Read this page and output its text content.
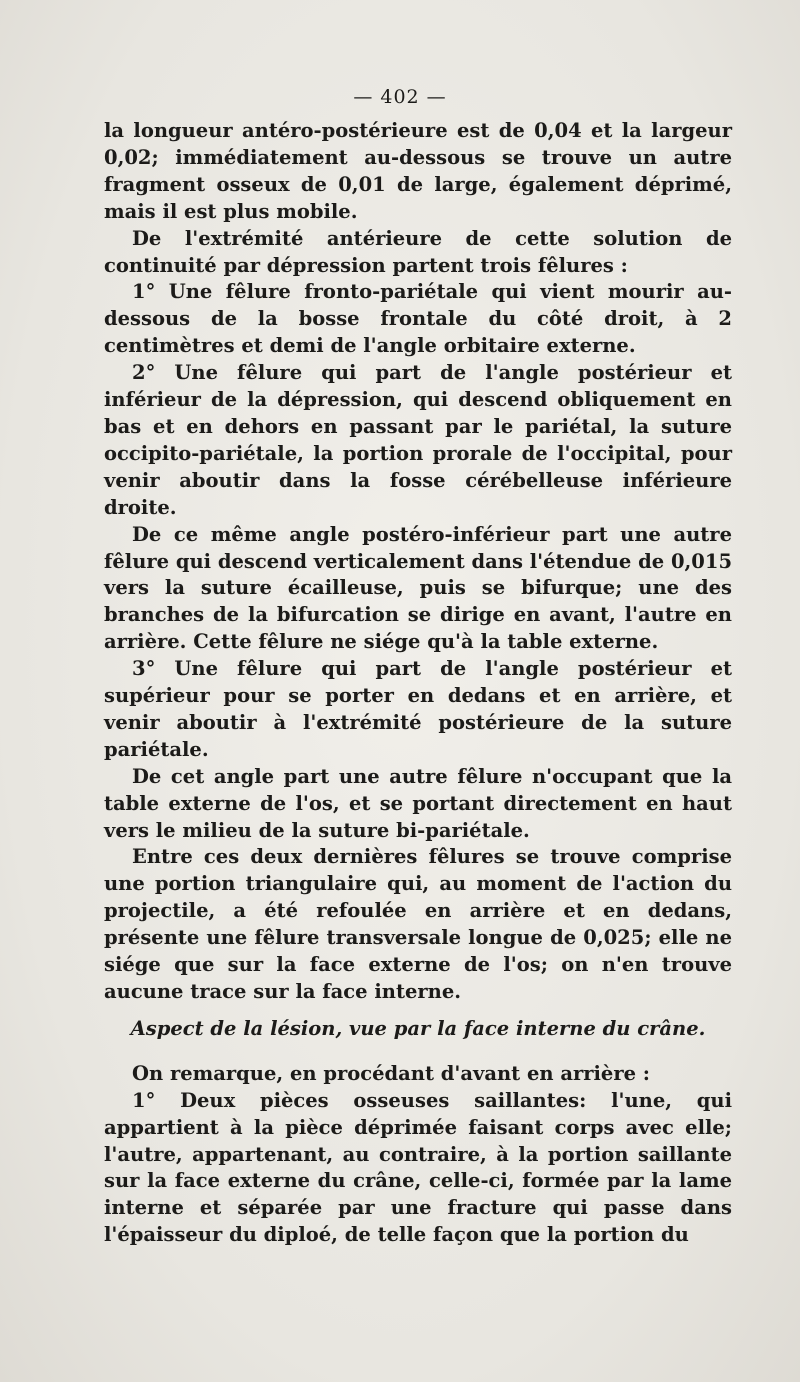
— 402 —

la longueur antéro-postérieure est de 0,04 et la largeur 0,02; immédiatement au-dessous se trouve un autre fragment osseux de 0,01 de large, également déprimé, mais il est plus mobile.

De l'extrémité antérieure de cette solution de continuité par dépression partent trois fêlures :

1° Une fêlure fronto-pariétale qui vient mourir au-dessous de la bosse frontale du côté droit, à 2 centimètres et demi de l'angle orbitaire externe.

2° Une fêlure qui part de l'angle postérieur et inférieur de la dépression, qui descend obliquement en bas et en dehors en passant par le pariétal, la suture occipito-pariétale, la portion prorale de l'occipital, pour venir aboutir dans la fosse cérébelleuse inférieure droite.

De ce même angle postéro-inférieur part une autre fêlure qui descend verticalement dans l'étendue de 0,015 vers la suture écailleuse, puis se bifurque; une des branches de la bifurcation se dirige en avant, l'autre en arrière. Cette fêlure ne siége qu'à la table externe.

3° Une fêlure qui part de l'angle postérieur et supérieur pour se porter en dedans et en arrière, et venir aboutir à l'extrémité postérieure de la suture pariétale.

De cet angle part une autre fêlure n'occupant que la table externe de l'os, et se portant directement en haut vers le milieu de la suture bi-pariétale.

Entre ces deux dernières fêlures se trouve comprise une portion triangulaire qui, au moment de l'action du projectile, a été refoulée en arrière et en dedans, présente une fêlure transversale longue de 0,025; elle ne siége que sur la face externe de l'os; on n'en trouve aucune trace sur la face interne.

Aspect de la lésion, vue par la face interne du crâne.

On remarque, en procédant d'avant en arrière :

1° Deux pièces osseuses saillantes: l'une, qui appartient à la pièce déprimée faisant corps avec elle; l'autre, appartenant, au contraire, à la portion saillante sur la face externe du crâne, celle-ci, formée par la lame interne et séparée par une fracture qui passe dans l'épaisseur du diploé, de telle façon que la portion du
